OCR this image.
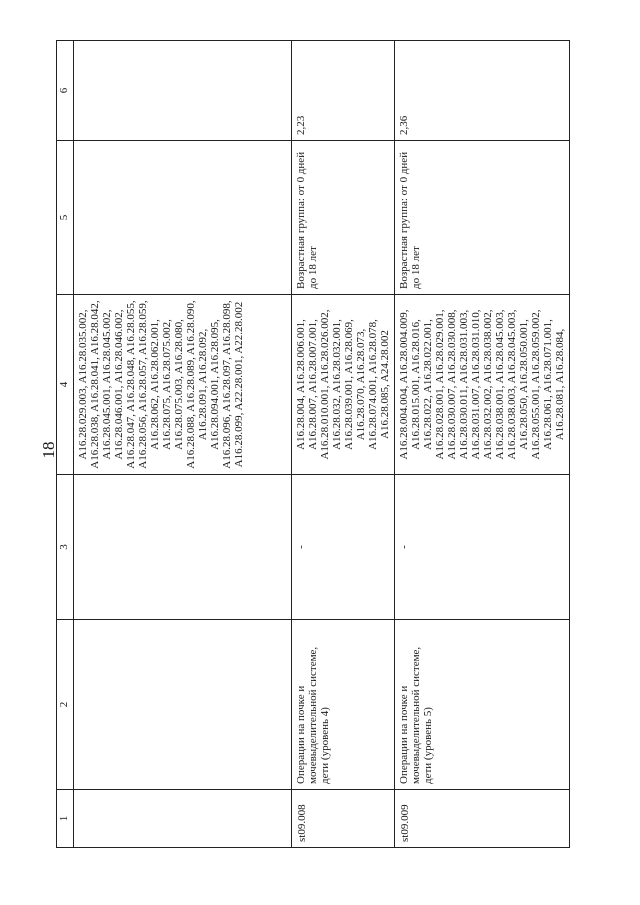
18
1	2	3	4	5	6
			A16.28.029.003, A16.28.035.002, A16.28.038, A16.28.041, A16.28.042, A16.28.045.001, A16.28.045.002, A16.28.046.001, A16.28.046.002, A16.28.047, A16.28.048, A16.28.055, A16.28.056, A16.28.057, A16.28.059, A16.28.062, A16.28.062.001, A16.28.075, A16.28.075.002, A16.28.075.003, A16.28.080, A16.28.088, A16.28.089, A16.28.090, A16.28.091, A16.28.092, A16.28.094.001, A16.28.095, A16.28.096, A16.28.097, A16.28.098, A16.28.099, A22.28.001, A22.28.002		
st09.008	Операции на почке и мочевыделительной системе, дети (уровень 4)	-	A16.28.004, A16.28.006.001, A16.28.007, A16.28.007.001, A16.28.010.001, A16.28.026.002, A16.28.032, A16.28.032.001, A16.28.039.001, A16.28.069, A16.28.070, A16.28.073, A16.28.074.001, A16.28.078, A16.28.085, A24.28.002	Возрастная группа: от 0 дней до 18 лет	2,23
st09.009	Операции на почке и мочевыделительной системе, дети (уровень 5)	-	A16.28.004.004, A16.28.004.009, A16.28.015.001, A16.28.016, A16.28.022, A16.28.022.001, A16.28.028.001, A16.28.029.001, A16.28.030.007, A16.28.030.008, A16.28.030.011, A16.28.031.003, A16.28.031.007, A16.28.031.010, A16.28.032.002, A16.28.038.002, A16.28.038.001, A16.28.045.003, A16.28.038.003, A16.28.045.003, A16.28.050, A16.28.050.001, A16.28.055.001, A16.28.059.002, A16.28.061, A16.28.071.001, A16.28.081, A16.28.084,	Возрастная группа: от 0 дней до 18 лет	2,36
